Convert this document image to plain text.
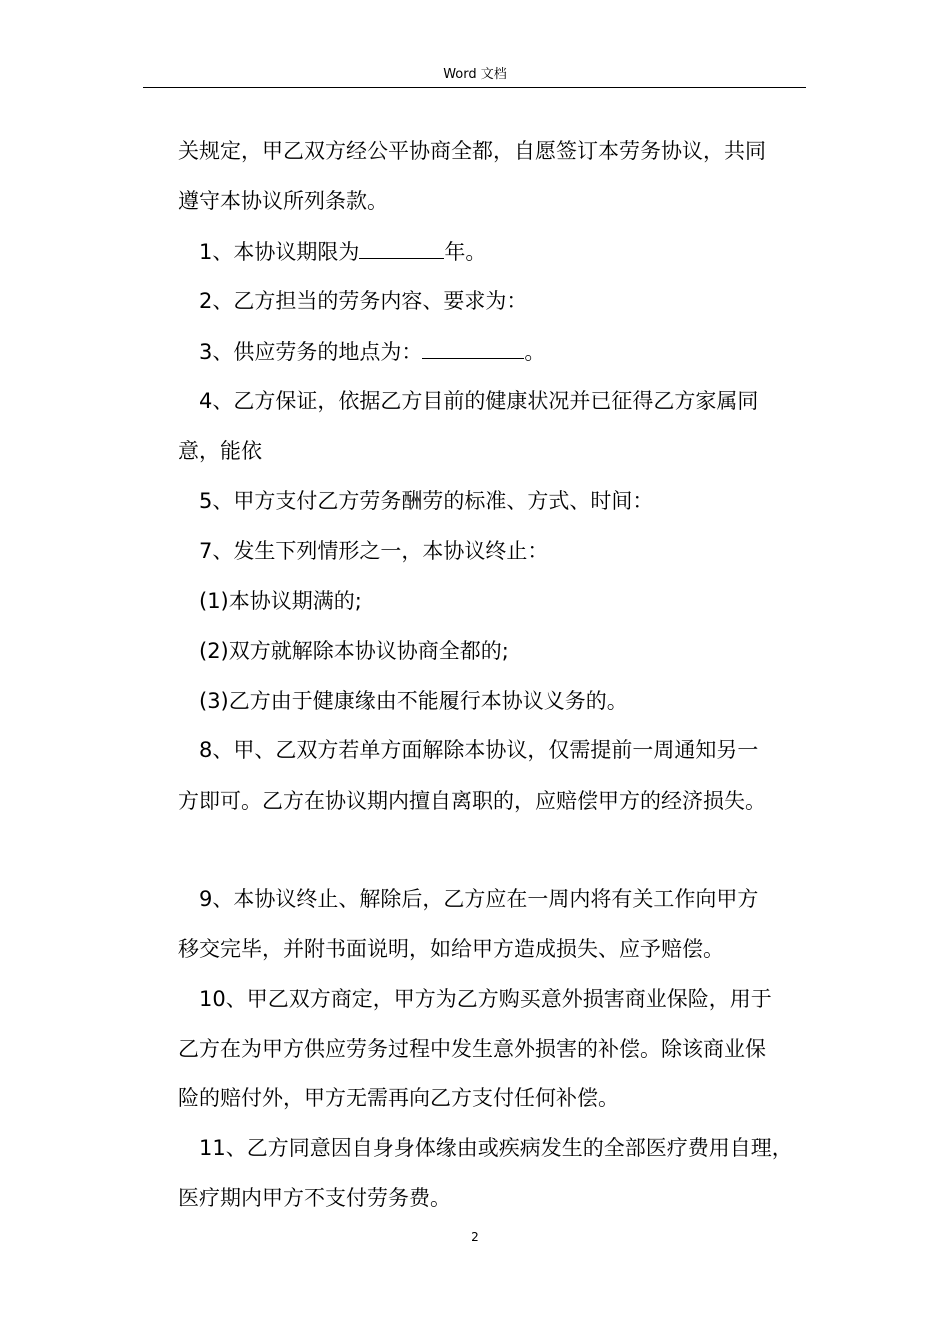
Word 文档
关规定，甲乙双方经公平协商全都，自愿签订本劳务协议，共同
遵守本协议所列条款。
1、本协议期限为	年。
2、乙方担当的劳务内容、要求为：
3、供应劳务的地点为：	。
4、乙方保证，依据乙方目前的健康状况并已征得乙方家属同
意，能依
5、甲方支付乙方劳务酬劳的标准、方式、时间：
7、发生下列情形之一，本协议终止：
(1)本协议期满的;
(2)双方就解除本协议协商全都的;
(3)乙方由于健康缘由不能履行本协议义务的。
8、甲、乙双方若单方面解除本协议，仅需提前一周通知另一
方即可。乙方在协议期内擅自离职的，应赔偿甲方的经济损失。
9、本协议终止、解除后，乙方应在一周内将有关工作向甲方
移交完毕，并附书面说明，如给甲方造成损失、应予赔偿。
10、甲乙双方商定，甲方为乙方购买意外损害商业保险，用于
乙方在为甲方供应劳务过程中发生意外损害的补偿。除该商业保
险的赔付外，甲方无需再向乙方支付任何补偿。
11、乙方同意因自身身体缘由或疾病发生的全部医疗费用自理，
医疗期内甲方不支付劳务费。
2
